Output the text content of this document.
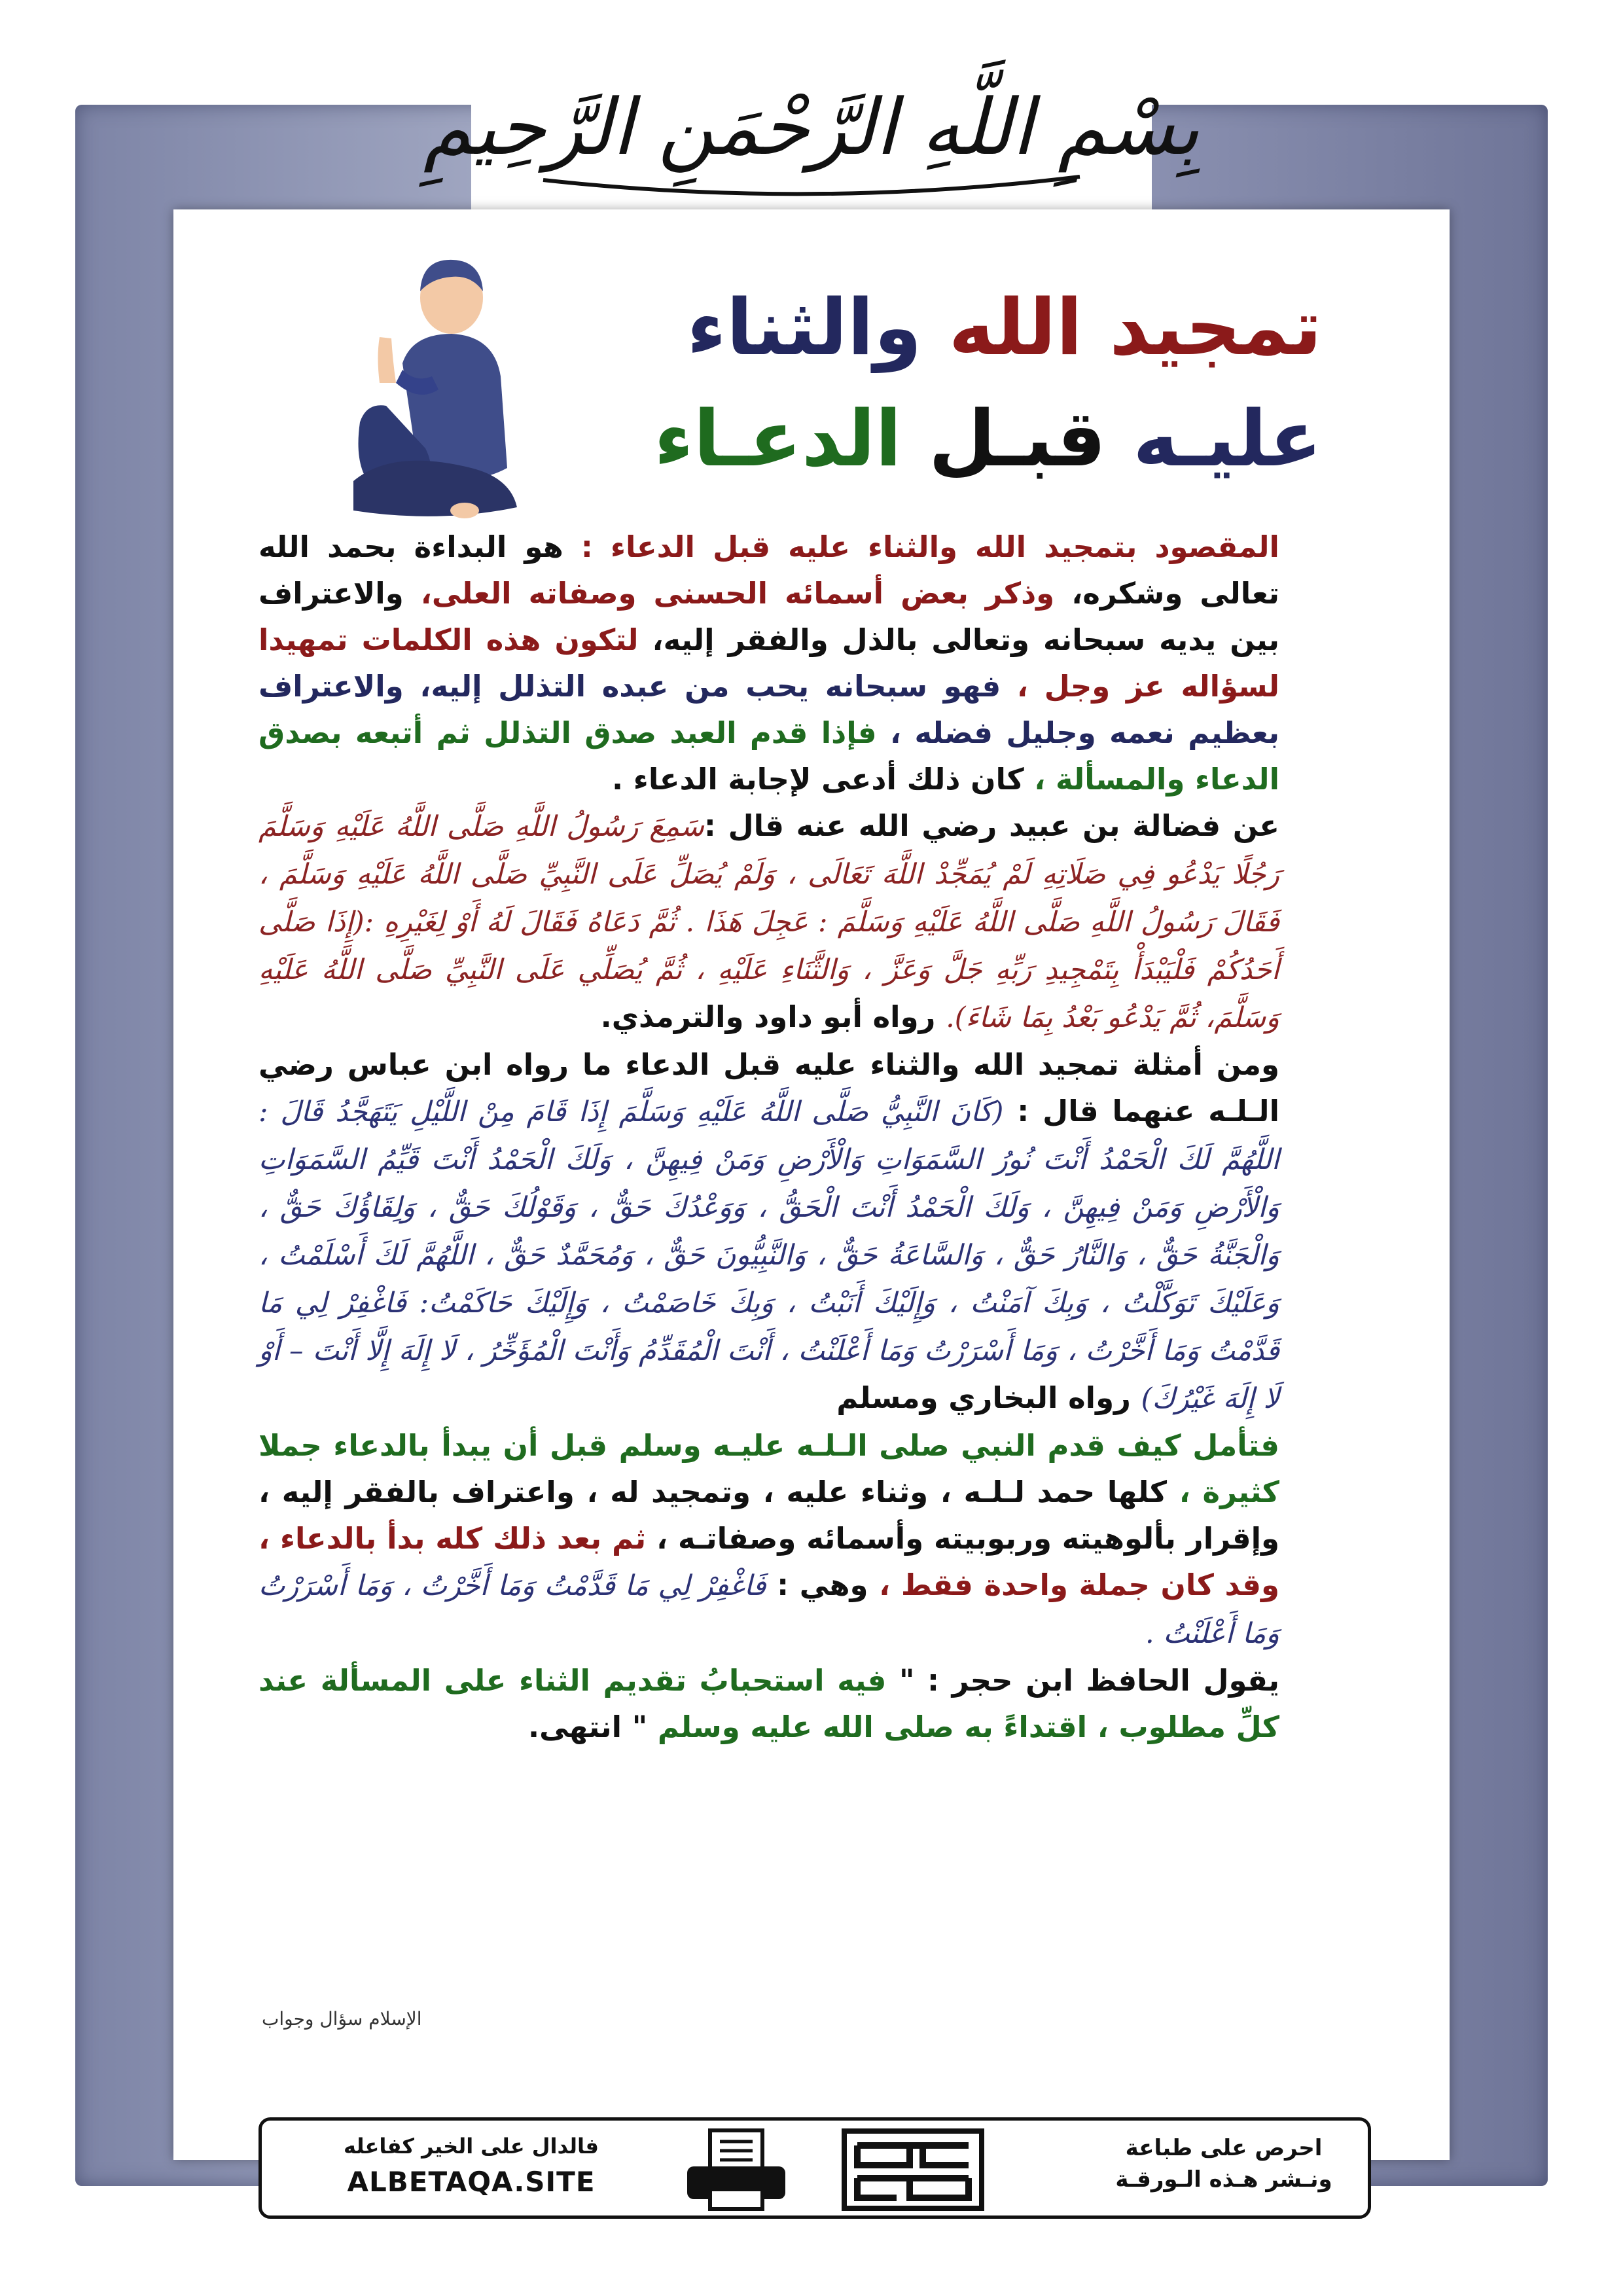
بِسْمِ اللَّهِ الرَّحْمَنِ الرَّحِيمِ
تمجيد الله والثناء
عليـه قبـل الدعـاء

المقصود بتمجيد الله والثناء عليه قبل الدعاء : هو البداءة بحمد الله تعالى وشكره، وذكر بعض أسمائه الحسنى وصفاته العلى، والاعتراف بين يديه سبحانه وتعالى بالذل والفقر إليه، لتكون هذه الكلمات تمهيدا لسؤاله عز وجل ، فهو سبحانه يحب من عبده التذلل إليه، والاعتراف بعظيم نعمه وجليل فضله ، فإذا قدم العبد صدق التذلل ثم أتبعه بصدق الدعاء والمسألة ، كان ذلك أدعى لإجابة الدعاء .

عن فضالة بن عبيد رضي الله عنه قال :سَمِعَ رَسُولُ اللَّهِ صَلَّى اللَّهُ عَلَيْهِ وَسَلَّمَ رَجُلًا يَدْعُو فِي صَلَاتِهِ لَمْ يُمَجِّدْ اللَّهَ تَعَالَى ، وَلَمْ يُصَلِّ عَلَى النَّبِيِّ صَلَّى اللَّهُ عَلَيْهِ وَسَلَّمَ ، فَقَالَ رَسُولُ اللَّهِ صَلَّى اللَّهُ عَلَيْهِ وَسَلَّمَ : عَجِلَ هَذَا . ثُمَّ دَعَاهُ فَقَالَ لَهُ أَوْ لِغَيْرِهِ :(إِذَا صَلَّى أَحَدُكُمْ فَلْيَبْدَأْ بِتَمْجِيدِ رَبِّهِ جَلَّ وَعَزَّ ، وَالثَّنَاءِ عَلَيْهِ ، ثُمَّ يُصَلِّي عَلَى النَّبِيِّ صَلَّى اللَّهُ عَلَيْهِ وَسَلَّمَ، ثُمَّ يَدْعُو بَعْدُ بِمَا شَاءَ). رواه أبو داود والترمذي.

ومن أمثلة تمجيد الله والثناء عليه قبل الدعاء ما رواه ابن عباس رضي الـلـه عنهما قال : (كَانَ النَّبِيُّ صَلَّى اللَّهُ عَلَيْهِ وَسَلَّمَ إِذَا قَامَ مِنْ اللَّيْلِ يَتَهَجَّدُ قَالَ : اللَّهُمَّ لَكَ الْحَمْدُ أَنْتَ نُورُ السَّمَوَاتِ وَالْأَرْضِ وَمَنْ فِيهِنَّ ، وَلَكَ الْحَمْدُ أَنْتَ قَيِّمُ السَّمَوَاتِ وَالْأَرْضِ وَمَنْ فِيهِنَّ ، وَلَكَ الْحَمْدُ أَنْتَ الْحَقُّ ، وَوَعْدُكَ حَقٌّ ، وَقَوْلُكَ حَقٌّ ، وَلِقَاؤُكَ حَقٌّ ، وَالْجَنَّةُ حَقٌّ ، وَالنَّارُ حَقٌّ ، وَالسَّاعَةُ حَقٌّ ، وَالنَّبِيُّونَ حَقٌّ ، وَمُحَمَّدٌ حَقٌّ ، اللَّهُمَّ لَكَ أَسْلَمْتُ ، وَعَلَيْكَ تَوَكَّلْتُ ، وَبِكَ آمَنْتُ ، وَإِلَيْكَ أَنَبْتُ ، وَبِكَ خَاصَمْتُ ، وَإِلَيْكَ حَاكَمْتُ: فَاغْفِرْ لِي مَا قَدَّمْتُ وَمَا أَخَّرْتُ ، وَمَا أَسْرَرْتُ وَمَا أَعْلَنْتُ ، أَنْتَ الْمُقَدِّمُ وَأَنْتَ الْمُؤَخِّرُ ، لَا إِلَهَ إِلَّا أَنْتَ – أَوْ لَا إِلَهَ غَيْرُكَ) رواه البخاري ومسلم

فتأمل كيف قدم النبي صلى الـلـه عليـه وسلم قبل أن يبدأ بالدعاء جملا كثيرة ، كلها حمد لـلـه ، وثناء عليه ، وتمجيد له ، واعتراف بالفقر إليه ، وإقرار بألوهيته وربوبيته وأسمائه وصفاتـه ، ثم بعد ذلك كله بدأ بالدعاء ، وقد كان جملة واحدة فقط ، وهي : فَاغْفِرْ لِي مَا قَدَّمْتُ وَمَا أَخَّرْتُ ، وَمَا أَسْرَرْتُ وَمَا أَعْلَنْتُ .

يقول الحافظ ابن حجر : " فيه استحبابُ تقديم الثناء على المسألة عند كلِّ مطلوب ، اقتداءً به صلى الله عليه وسلم " انتهى.

الإسلام سؤال وجواب
احرص على طباعة
ونـشر هـذه الـورقـة
فالدال على الخير كفاعله
ALBETAQA.SITE
